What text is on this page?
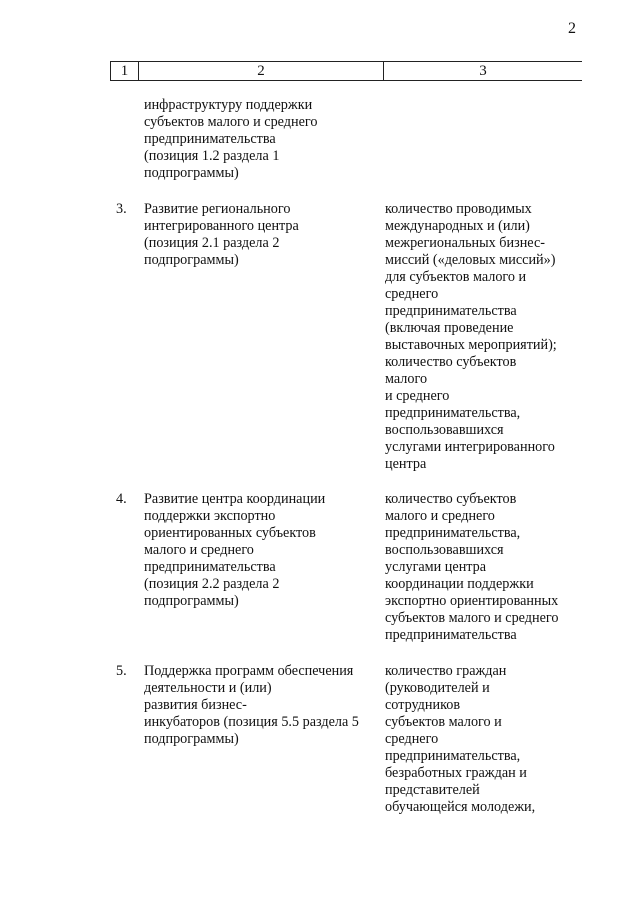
2
1	2	3
инфраструктуру поддержки
субъектов малого и среднего
предпринимательства
(позиция 1.2 раздела 1
подпрограммы)
3. Развитие регионального
интегрированного центра
(позиция 2.1 раздела 2
подпрограммы)
количество проводимых
международных и (или)
межрегиональных бизнес-
миссий («деловых миссий»)
для субъектов малого и
среднего
предпринимательства
(включая проведение
выставочных мероприятий);
количество субъектов
малого
и среднего
предпринимательства,
воспользовавшихся
услугами интегрированного
центра
4. Развитие центра координации
поддержки экспортно
ориентированных субъектов
малого и среднего
предпринимательства
(позиция 2.2 раздела 2
подпрограммы)
количество субъектов
малого и среднего
предпринимательства,
воспользовавшихся
услугами центра
координации поддержки
экспортно ориентированных
субъектов малого и среднего
предпринимательства
5. Поддержка программ обеспечения
деятельности и (или)
развития бизнес-
инкубаторов (позиция 5.5 раздела 5
подпрограммы)
количество граждан
(руководителей и
сотрудников
субъектов малого и
среднего
предпринимательства,
безработных граждан и
представителей
обучающейся молодежи,
